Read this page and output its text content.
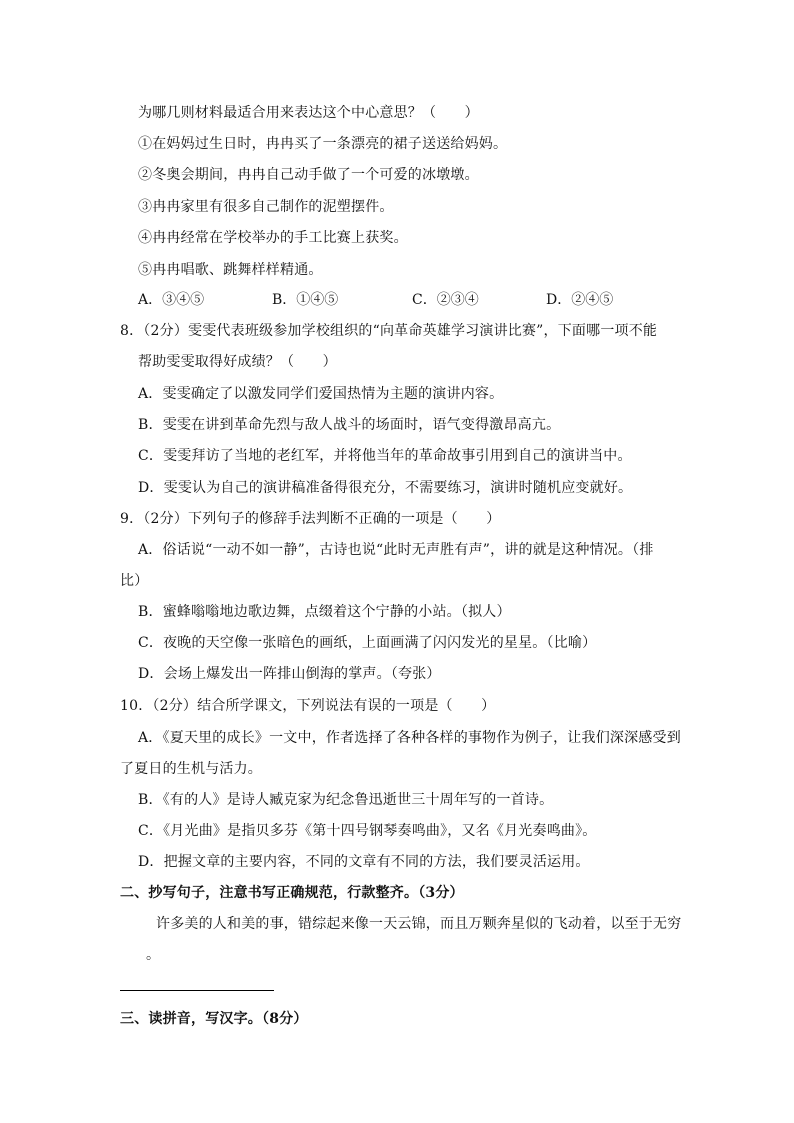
为哪几则材料最适合用来表达这个中心意思？（　　）
①在妈妈过生日时，冉冉买了一条漂亮的裙子送送给妈妈。
②冬奥会期间，冉冉自己动手做了一个可爱的冰墩墩。
③冉冉家里有很多自己制作的泥塑摆件。
④冉冉经常在学校举办的手工比赛上获奖。
⑤冉冉唱歌、跳舞样样精通。
A．③④⑤	B．①④⑤	C．②③④	D．②④⑤
8．（2分）雯雯代表班级参加学校组织的“向革命英雄学习演讲比赛”，下面哪一项不能
帮助雯雯取得好成绩？（　　）
A．雯雯确定了以激发同学们爱国热情为主题的演讲内容。
B．雯雯在讲到革命先烈与敌人战斗的场面时，语气变得激昂高亢。
C．雯雯拜访了当地的老红军，并将他当年的革命故事引用到自己的演讲当中。
D．雯雯认为自己的演讲稿准备得很充分，不需要练习，演讲时随机应变就好。
9．（2分）下列句子的修辞手法判断不正确的一项是（　　）
A．俗话说“一动不如一静”，古诗也说“此时无声胜有声”，讲的就是这种情况。（排
比）
B．蜜蜂嗡嗡地边歌边舞，点缀着这个宁静的小站。（拟人）
C．夜晚的天空像一张暗色的画纸，上面画满了闪闪发光的星星。（比喻）
D．会场上爆发出一阵排山倒海的掌声。（夸张）
10．（2分）结合所学课文，下列说法有误的一项是（　　）
A．《夏天里的成长》一文中，作者选择了各种各样的事物作为例子，让我们深深感受到
了夏日的生机与活力。
B．《有的人》是诗人臧克家为纪念鲁迅逝世三十周年写的一首诗。
C．《月光曲》是指贝多芬《第十四号钢琴奏鸣曲》，又名《月光奏鸣曲》。
D．把握文章的主要内容，不同的文章有不同的方法，我们要灵活运用。
二、抄写句子，注意书写正确规范，行款整齐。（3分）
许多美的人和美的事，错综起来像一天云锦，而且万颗奔星似的飞动着，以至于无穷
。
三、读拼音，写汉字。（8分）
